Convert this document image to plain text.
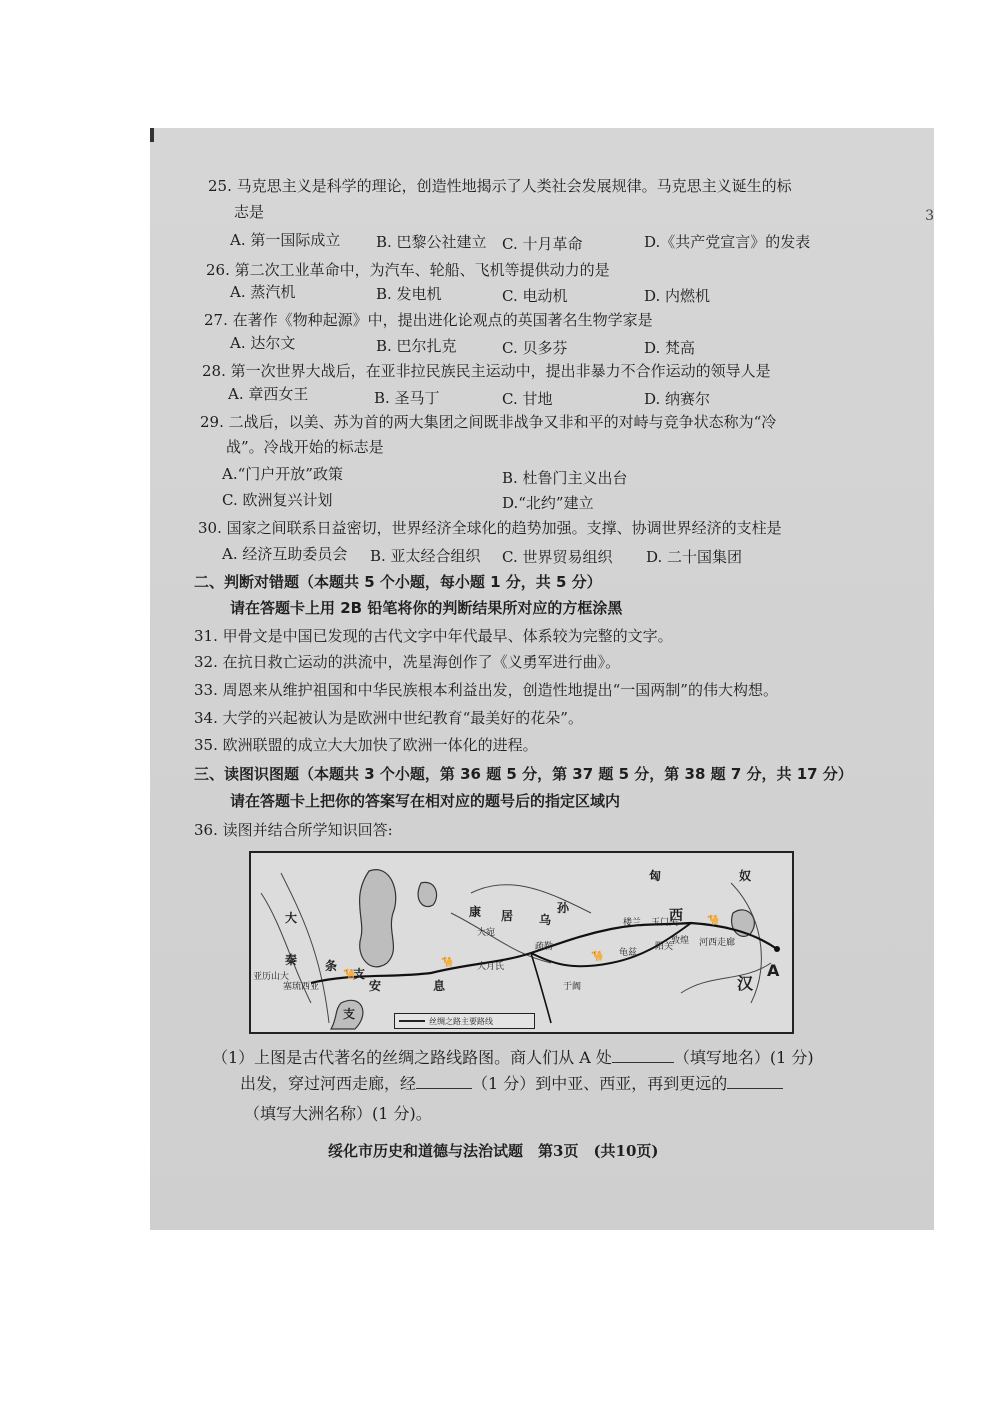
3
25. 马克思主义是科学的理论，创造性地揭示了人类社会发展规律。马克思主义诞生的标
志是
A. 第一国际成立 B. 巴黎公社建立 C. 十月革命	D.《共产党宣言》的发表
26. 第二次工业革命中，为汽车、轮船、飞机等提供动力的是
A. 蒸汽机	B. 发电机	C. 电动机	D. 内燃机
27. 在著作《物种起源》中，提出进化论观点的英国著名生物学家是
A. 达尔文	B. 巴尔扎克	C. 贝多芬	D. 梵高
28. 第一次世界大战后，在亚非拉民族民主运动中，提出非暴力不合作运动的领导人是
A. 章西女王	B. 圣马丁	C. 甘地	D. 纳赛尔
29. 二战后，以美、苏为首的两大集团之间既非战争又非和平的对峙与竞争状态称为“冷
战”。冷战开始的标志是
A.“门户开放”政策	B. 杜鲁门主义出台
C. 欧洲复兴计划	D.“北约”建立
30. 国家之间联系日益密切，世界经济全球化的趋势加强。支撑、协调世界经济的支柱是
A. 经济互助委员会 B. 亚太经合组织 C. 世界贸易组织 D. 二十国集团
二、判断对错题（本题共 5 个小题，每小题 1 分，共 5 分）
请在答题卡上用 2B 铅笔将你的判断结果所对应的方框涂黑
31. 甲骨文是中国已发现的古代文字中年代最早、体系较为完整的文字。
32. 在抗日救亡运动的洪流中，冼星海创作了《义勇军进行曲》。
33. 周恩来从维护祖国和中华民族根本利益出发，创造性地提出“一国两制”的伟大构想。
34. 大学的兴起被认为是欧洲中世纪教育“最美好的花朵”。
35. 欧洲联盟的成立大大加快了欧洲一体化的进程。
三、读图识图题（本题共 3 个小题，第 36 题 5 分，第 37 题 5 分，第 38 题 7 分，共 17 分）
请在答题卡上把你的答案写在相对应的题号后的指定区域内
36. 读图并结合所学知识回答:
🐪
🐪
🐪
🐪
匈	奴
西
汉
A
大
秦 条
支
安	息
支
康 居 乌
孙
大宛
疏勒
大月氏
于阗
楼兰 玉门关
敦煌
阳关	河西走廊
龟兹
亚历山大
塞琉西亚
丝绸之路主要路线
（1）上图是古代著名的丝绸之路线路图。商人们从 A 处	（填写地名）(1 分)
出发，穿过河西走廊，经	（1 分）到中亚、西亚，再到更远的
（填写大洲名称）(1 分)。
绥化市历史和道德与法治试题　第3页　(共10页)
